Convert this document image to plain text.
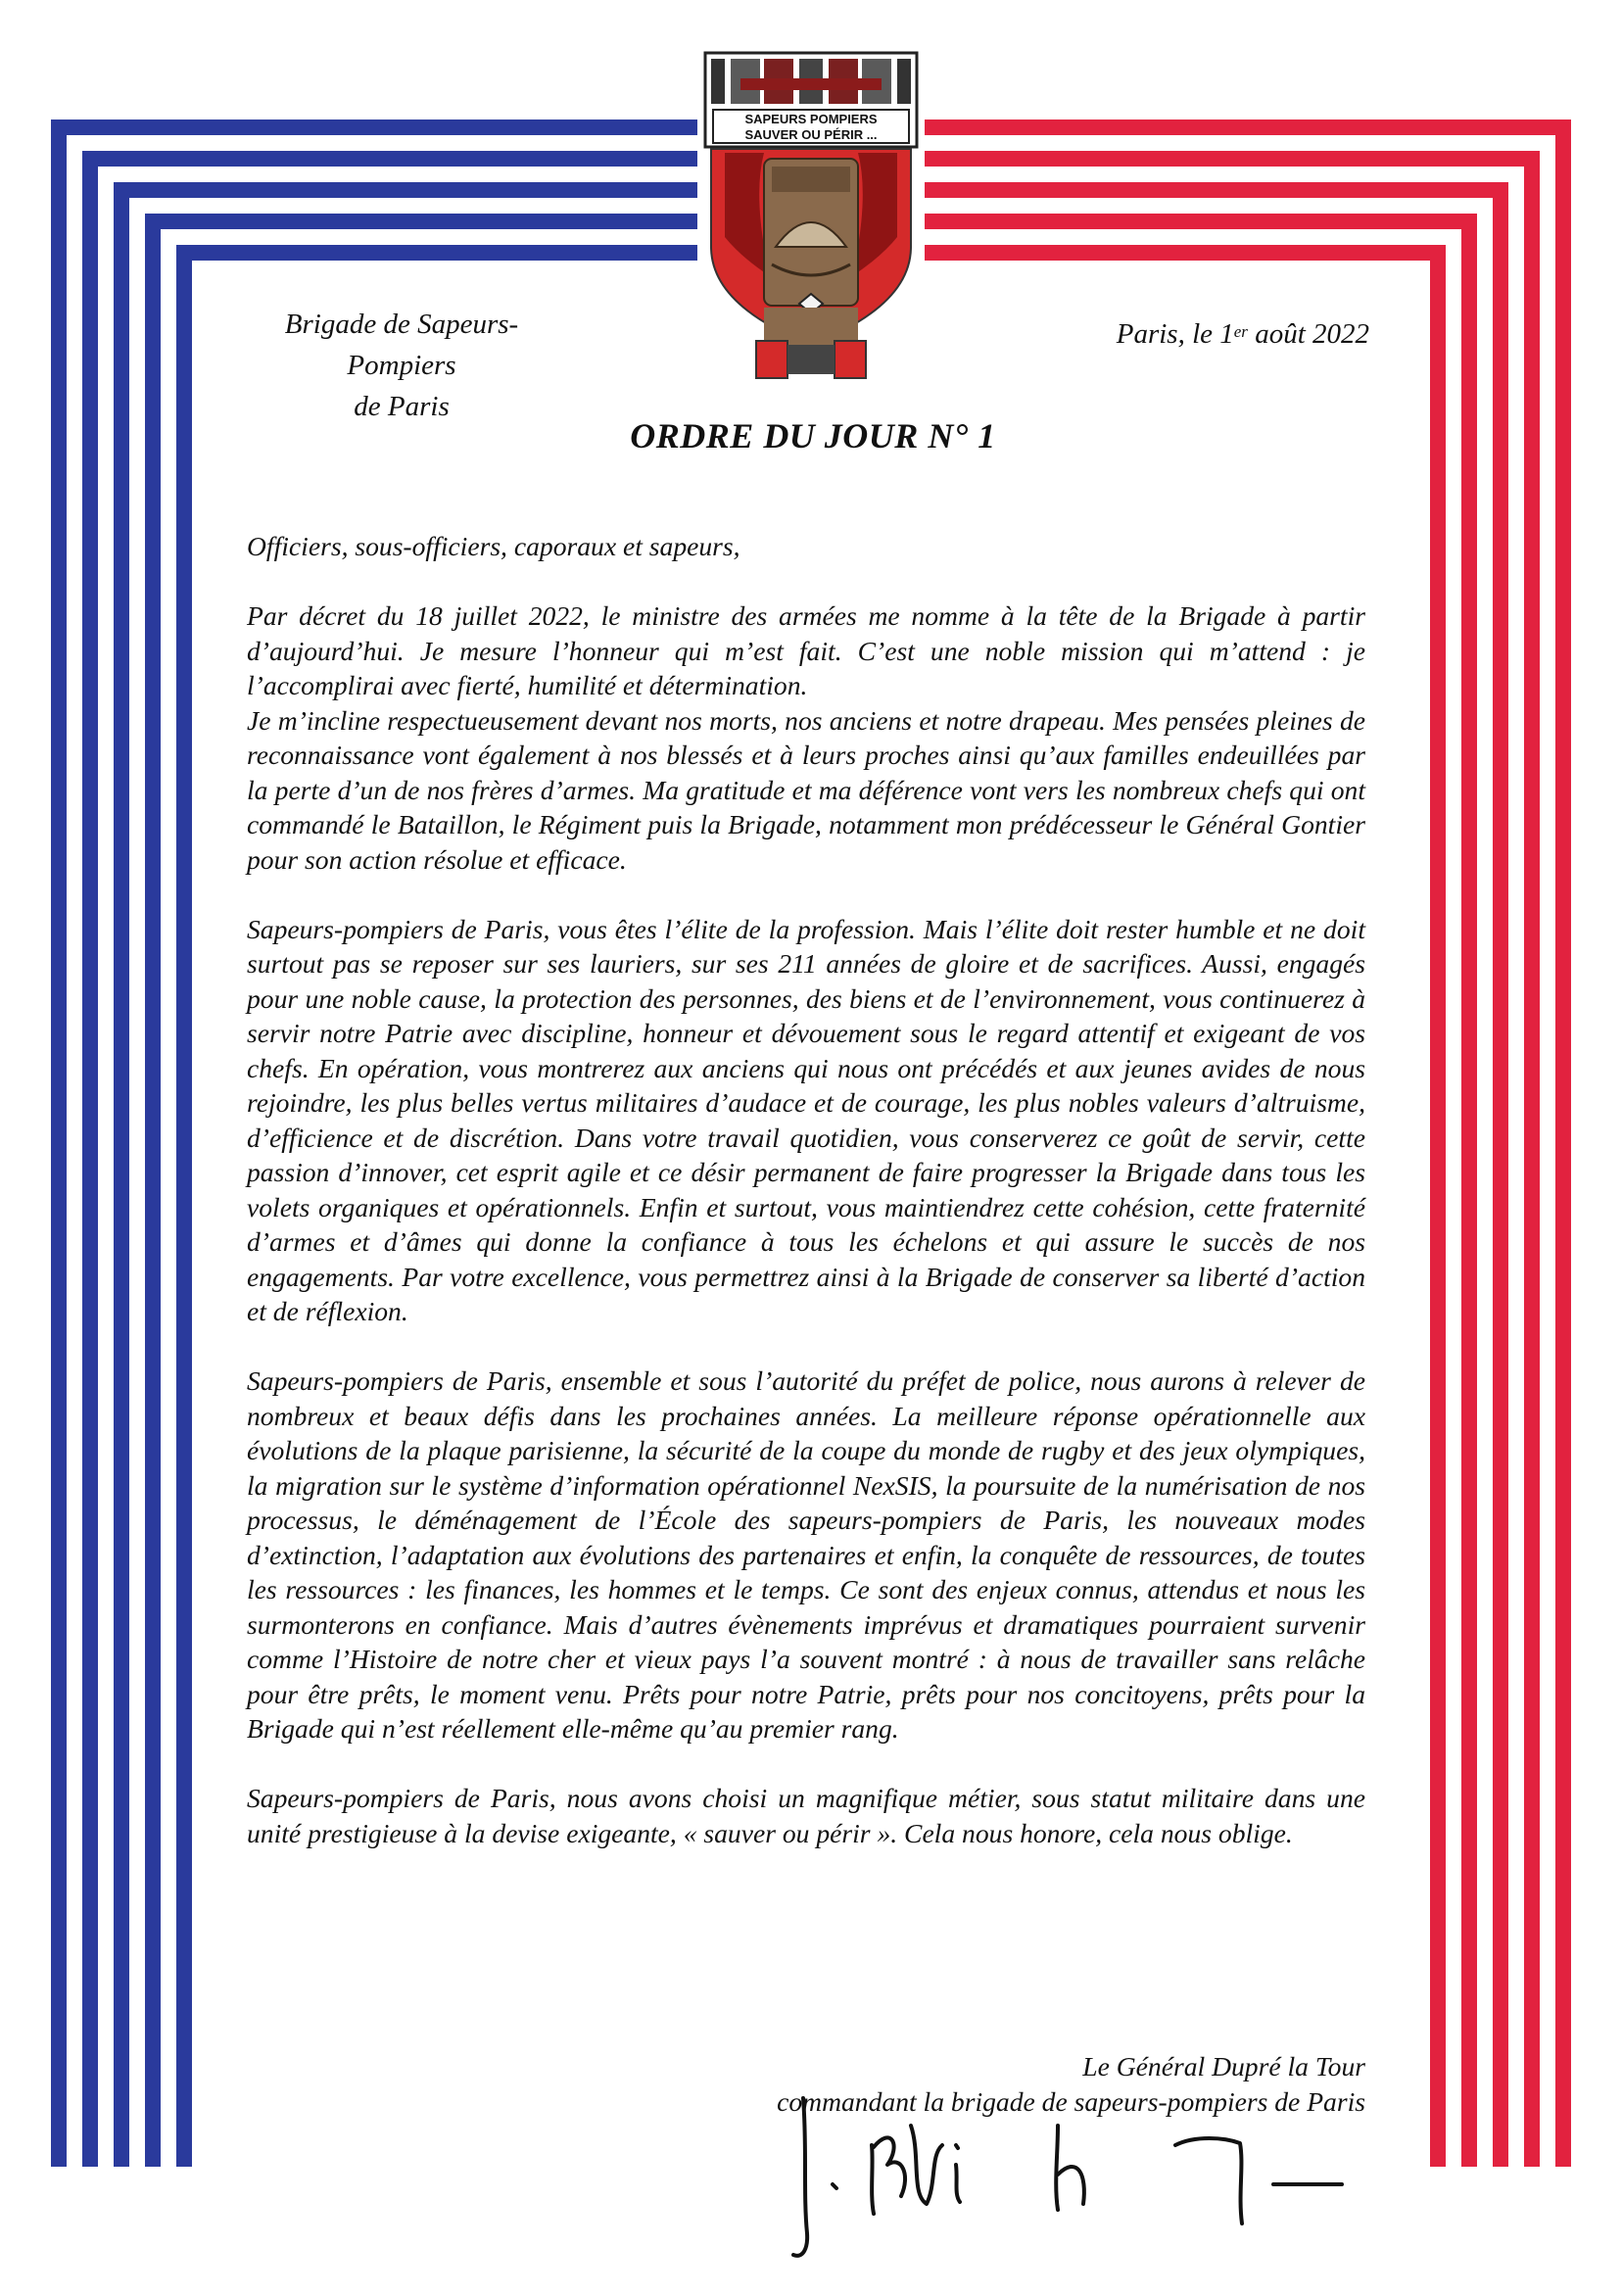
SAPEURS POMPIERS
SAUVER OU PÉRIR ...
Brigade de Sapeurs-Pompiers
de Paris
Paris, le 1er août 2022
ORDRE DU JOUR N° 1

Officiers, sous-officiers, caporaux et sapeurs,

Par décret du 18 juillet 2022, le ministre des armées me nomme à la tête de la Brigade à partir d’aujourd’hui. Je mesure l’honneur qui m’est fait. C’est une noble mission qui m’attend : je l’accomplirai avec fierté, humilité et détermination.

Je m’incline respectueusement devant nos morts, nos anciens et notre drapeau. Mes pensées pleines de reconnaissance vont également à nos blessés et à leurs proches ainsi qu’aux familles endeuillées par la perte d’un de nos frères d’armes. Ma gratitude et ma déférence vont vers les nombreux chefs qui ont commandé le Bataillon, le Régiment puis la Brigade, notamment mon prédécesseur le Général Gontier pour son action résolue et efficace.

Sapeurs-pompiers de Paris, vous êtes l’élite de la profession. Mais l’élite doit rester humble et ne doit surtout pas se reposer sur ses lauriers, sur ses 211 années de gloire et de sacrifices. Aussi, engagés pour une noble cause, la protection des personnes, des biens et de l’environnement, vous continuerez à servir notre Patrie avec discipline, honneur et dévouement sous le regard attentif et exigeant de vos chefs. En opération, vous montrerez aux anciens qui nous ont précédés et aux jeunes avides de nous rejoindre, les plus belles vertus militaires d’audace et de courage, les plus nobles valeurs d’altruisme, d’efficience et de discrétion. Dans votre travail quotidien, vous conserverez ce goût de servir, cette passion d’innover, cet esprit agile et ce désir permanent de faire progresser la Brigade dans tous les volets organiques et opérationnels. Enfin et surtout, vous maintiendrez cette cohésion, cette fraternité d’armes et d’âmes qui donne la confiance à tous les échelons et qui assure le succès de nos engagements. Par votre excellence, vous permettrez ainsi à la Brigade de conserver sa liberté d’action et de réflexion.

Sapeurs-pompiers de Paris, ensemble et sous l’autorité du préfet de police, nous aurons à relever de nombreux et beaux défis dans les prochaines années. La meilleure réponse opérationnelle aux évolutions de la plaque parisienne, la sécurité de la coupe du monde de rugby et des jeux olympiques, la migration sur le système d’information opérationnel NexSIS, la poursuite de la numérisation de nos processus, le déménagement de l’École des sapeurs-pompiers de Paris, les nouveaux modes d’extinction, l’adaptation aux évolutions des partenaires et enfin, la conquête de ressources, de toutes les ressources : les finances, les hommes et le temps. Ce sont des enjeux connus, attendus et nous les surmonterons en confiance. Mais d’autres évènements imprévus et dramatiques pourraient survenir comme l’Histoire de notre cher et vieux pays l’a souvent montré : à nous de travailler sans relâche pour être prêts, le moment venu. Prêts pour notre Patrie, prêts pour nos concitoyens, prêts pour la Brigade qui n’est réellement elle-même qu’au premier rang.

Sapeurs-pompiers de Paris, nous avons choisi un magnifique métier, sous statut militaire dans une unité prestigieuse à la devise exigeante, « sauver ou périr ». Cela nous honore, cela nous oblige.

Le Général Dupré la Tour
commandant la brigade de sapeurs-pompiers de Paris
